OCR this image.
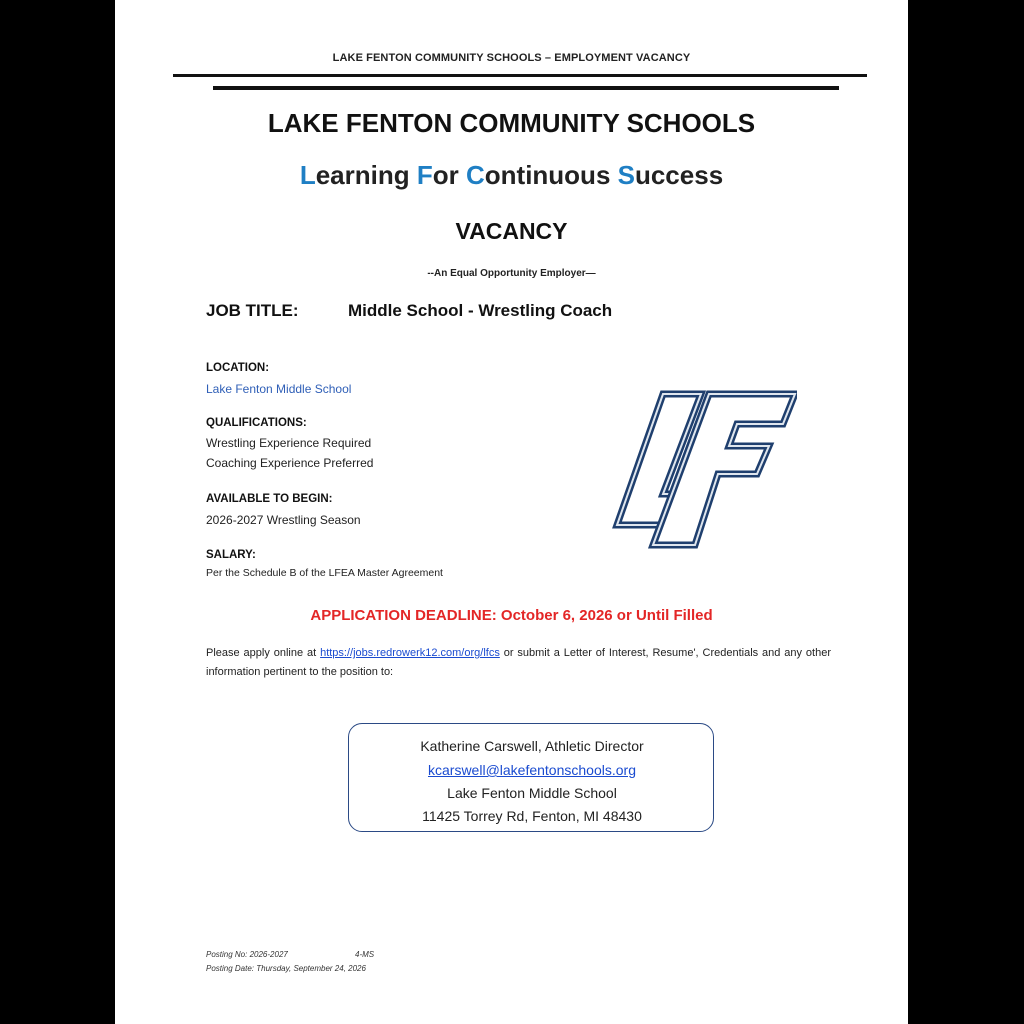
LAKE FENTON COMMUNITY SCHOOLS – EMPLOYMENT VACANCY
LAKE FENTON COMMUNITY SCHOOLS
Learning For Continuous Success
VACANCY
--An Equal Opportunity Employer—
JOB TITLE:	Middle School - Wrestling Coach
LOCATION:
Lake Fenton Middle School
QUALIFICATIONS:
Wrestling Experience Required
Coaching Experience Preferred
AVAILABLE TO BEGIN:
2026-2027 Wrestling Season
SALARY:
Per the Schedule B of the LFEA Master Agreement
APPLICATION DEADLINE: October 6, 2026 or Until Filled
Please apply online at https://jobs.redrowerk12.com/org/lfcs or submit a Letter of Interest, Resume', Credentials and any other information pertinent to the position to:
Katherine Carswell, Athletic Director
kcarswell@lakefentonschools.org
Lake Fenton Middle School
11425 Torrey Rd, Fenton, MI 48430
Posting No: 2026-2027	4-MS
Posting Date: Thursday, September 24, 2026
